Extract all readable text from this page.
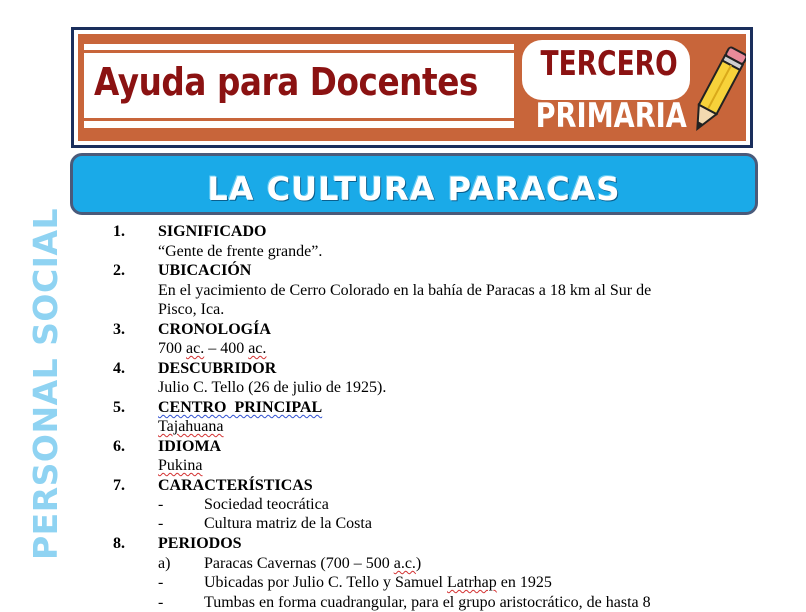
Ayuda para Docentes TERCERO
PRIMARIA
LA CULTURA PARACAS
PERSONAL SOCIAL	1. SIGNIFICADO
“Gente de frente grande”.
2. UBICACIÓN
En el yacimiento de Cerro Colorado en la bahía de Paracas a 18 km al Sur de
Pisco, Ica.
3. CRONOLOGÍA
700 ac. – 400 ac.
4. DESCUBRIDOR
Julio C. Tello (26 de julio de 1925).
5. CENTRO  PRINCIPAL
Tajahuana
6. IDIOMA
Pukina
7. CARACTERÍSTICAS
-	Sociedad teocrática
-	Cultura matriz de la Costa
8. PERIODOS
a) Paracas Cavernas (700 – 500 a.c.)
-	Ubicadas por Julio C. Tello y Samuel Latrhap en 1925
-	Tumbas en forma cuadrangular, para el grupo aristocrático, de hasta 8
